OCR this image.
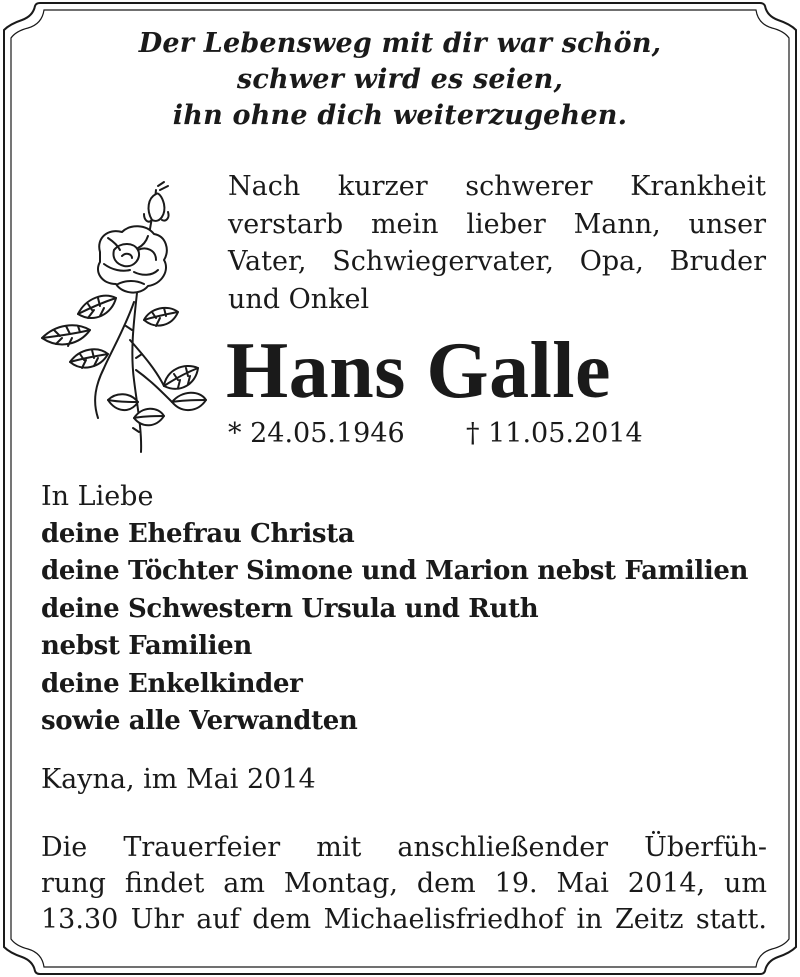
Der Lebensweg mit dir war schön,
schwer wird es seien,
ihn ohne dich weiterzugehen.
Nach kurzer schwerer Krankheit
verstarb mein lieber Mann, unser
Vater, Schwiegervater, Opa, Bruder
und Onkel
Hans Galle
* 24.05.1946 † 11.05.2014
In Liebe
deine Ehefrau Christa
deine Töchter Simone und Marion nebst Familien
deine Schwestern Ursula und Ruth
nebst Familien
deine Enkelkinder
sowie alle Verwandten
Kayna, im Mai 2014
Die Trauerfeier mit anschließender Überfüh-
rung findet am Montag, dem 19. Mai 2014, um
13.30 Uhr auf dem Michaelisfriedhof in Zeitz statt.
